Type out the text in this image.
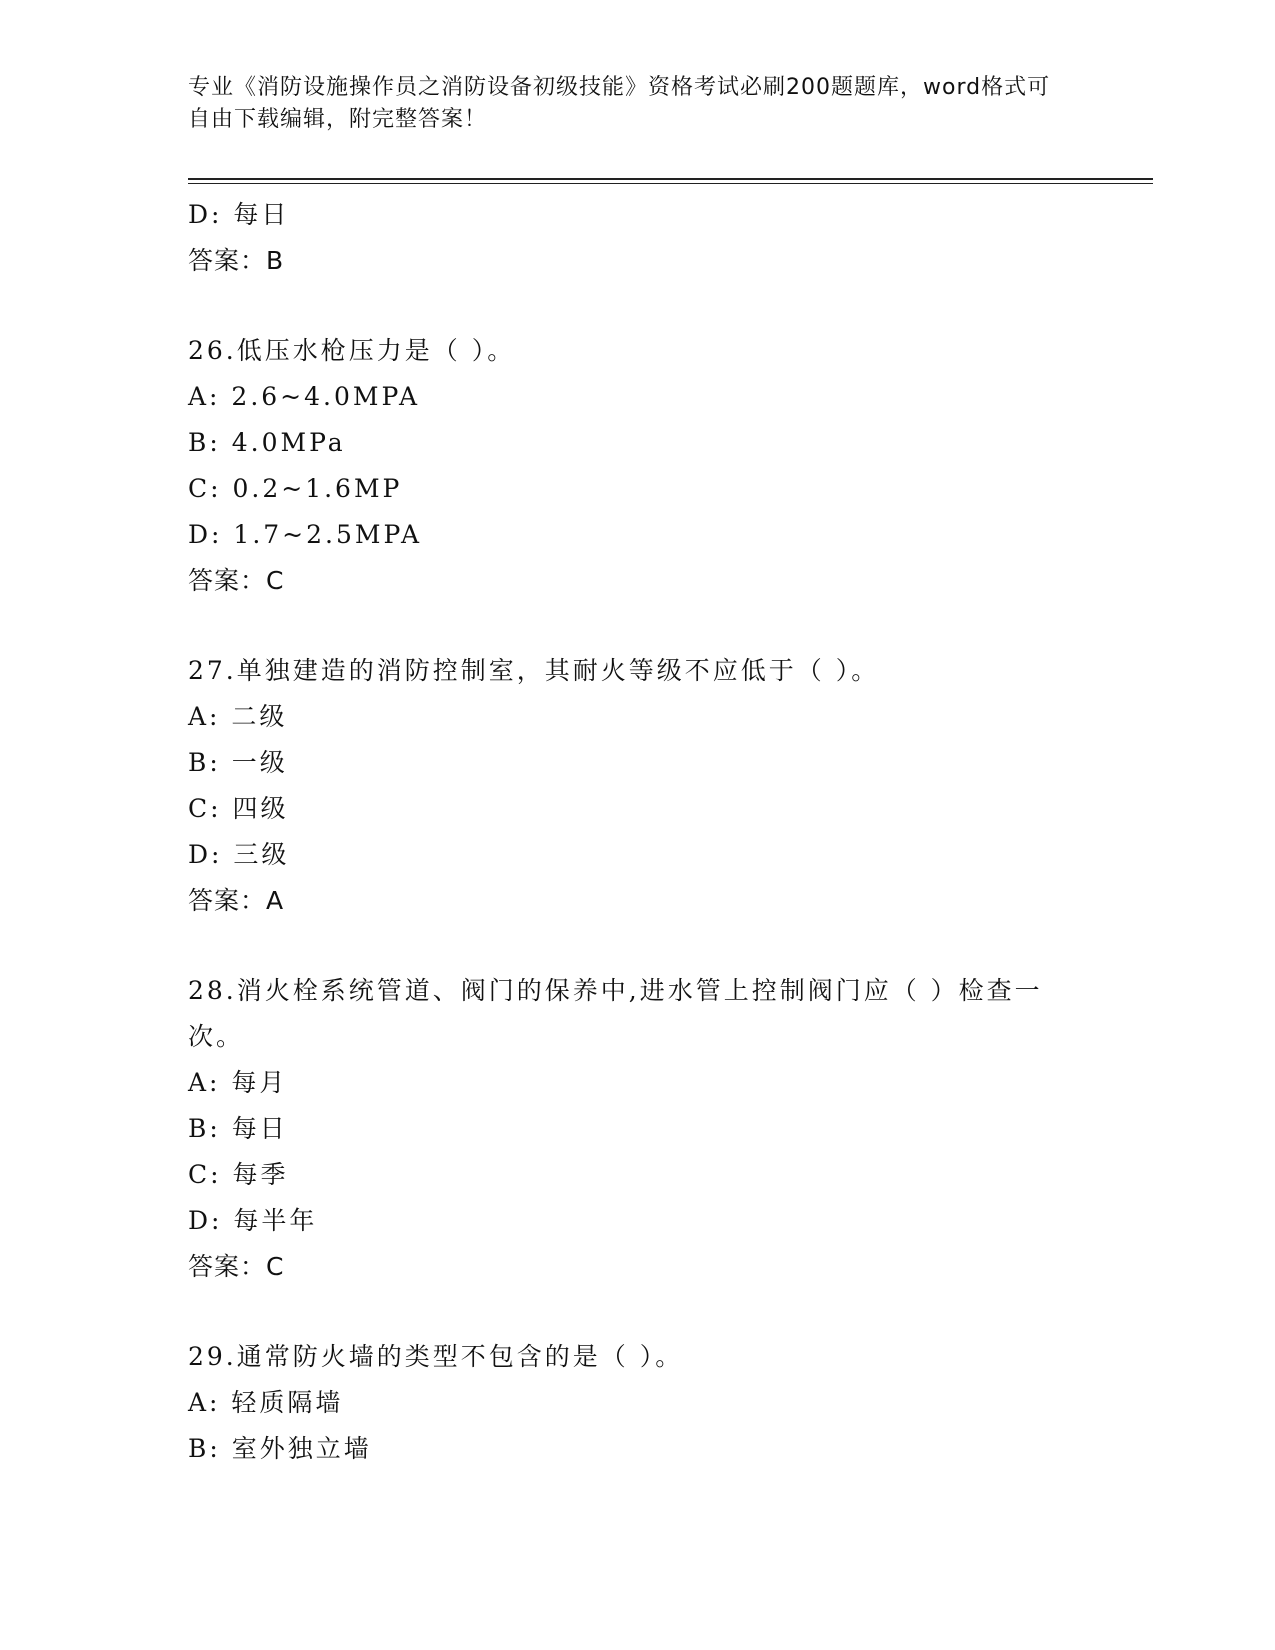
专业《消防设施操作员之消防设备初级技能》资格考试必刷200题题库，word格式可自由下载编辑，附完整答案！
D: 每日
答案：B
26.低压水枪压力是（ ）。
A: 2.6~4.0MPA
B: 4.0MPa
C: 0.2~1.6MP
D: 1.7~2.5MPA
答案：C
27.单独建造的消防控制室，其耐火等级不应低于（ ）。
A: 二级
B: 一级
C: 四级
D: 三级
答案：A
28.消火栓系统管道、阀门的保养中,进水管上控制阀门应（ ）检查一次。
A: 每月
B: 每日
C: 每季
D: 每半年
答案：C
29.通常防火墙的类型不包含的是（ ）。
A: 轻质隔墙
B: 室外独立墙
